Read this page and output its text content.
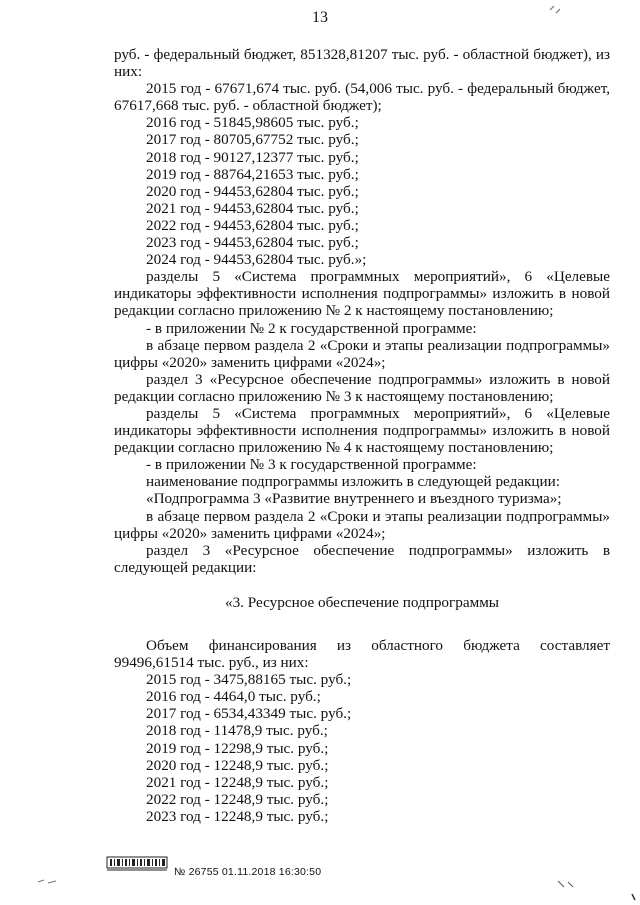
13

руб. - федеральный бюджет, 851328,81207 тыс. руб. - областной бюджет), из них:

2015 год - 67671,674 тыс. руб. (54,006 тыс. руб. - федеральный бюджет, 67617,668 тыс. руб. - областной бюджет);

2016 год - 51845,98605 тыс. руб.;

2017 год - 80705,67752 тыс. руб.;

2018 год - 90127,12377 тыс. руб.;

2019 год - 88764,21653 тыс. руб.;

2020 год - 94453,62804 тыс. руб.;

2021 год - 94453,62804 тыс. руб.;

2022 год - 94453,62804 тыс. руб.;

2023 год - 94453,62804 тыс. руб.;

2024 год - 94453,62804 тыс. руб.»;

разделы 5 «Система программных мероприятий», 6 «Целевые индикаторы эффективности исполнения подпрограммы» изложить в новой редакции согласно приложению № 2 к настоящему постановлению;

- в приложении № 2 к государственной программе:

в абзаце первом раздела 2 «Сроки и этапы реализации подпрограммы» цифры «2020» заменить цифрами «2024»;

раздел 3 «Ресурсное обеспечение подпрограммы» изложить в новой редакции согласно приложению № 3 к настоящему постановлению;

разделы 5 «Система программных мероприятий», 6 «Целевые индикаторы эффективности исполнения подпрограммы» изложить в новой редакции согласно приложению № 4 к настоящему постановлению;

- в приложении № 3 к государственной программе:

наименование подпрограммы изложить в следующей редакции:

«Подпрограмма 3 «Развитие внутреннего и въездного туризма»;

в абзаце первом раздела 2 «Сроки и этапы реализации подпрограммы» цифры «2020» заменить цифрами «2024»;

раздел 3 «Ресурсное обеспечение подпрограммы» изложить в следующей редакции:

«3. Ресурсное обеспечение подпрограммы

Объем финансирования из областного бюджета составляет 99496,61514 тыс. руб., из них:

2015 год - 3475,88165 тыс. руб.;

2016 год - 4464,0 тыс. руб.;

2017 год - 6534,43349 тыс. руб.;

2018 год - 11478,9 тыс. руб.;

2019 год - 12298,9 тыс. руб.;

2020 год - 12248,9 тыс. руб.;

2021 год - 12248,9 тыс. руб.;

2022 год - 12248,9 тыс. руб.;

2023 год - 12248,9 тыс. руб.;

№ 26755 01.11.2018 16:30:50
